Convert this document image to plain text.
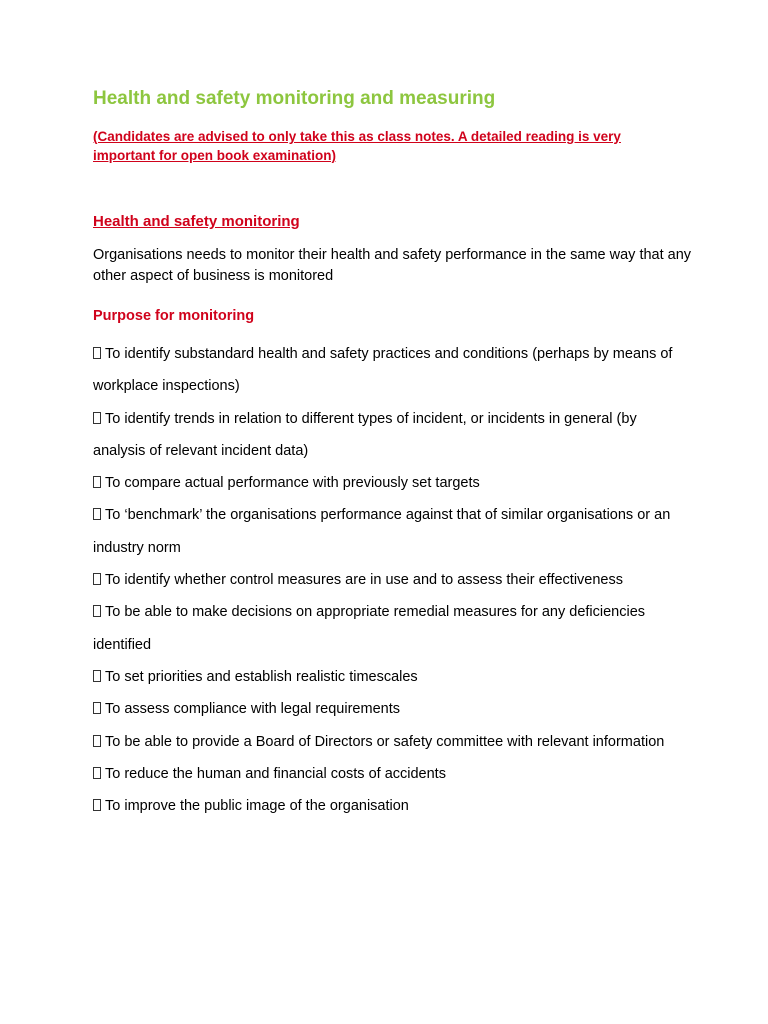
Health and safety monitoring and measuring

(Candidates are advised to only take this as class notes. A detailed reading is very important for open book examination)

Health and safety monitoring

Organisations needs to monitor their health and safety performance in the same way that any other aspect of business is monitored

Purpose for monitoring
To identify substandard health and safety practices and conditions (perhaps by means of workplace inspections)
To identify trends in relation to different types of incident, or incidents in general (by analysis of relevant incident data)
To compare actual performance with previously set targets
To ‘benchmark’ the organisations performance against that of similar organisations or an industry norm
To identify whether control measures are in use and to assess their effectiveness
To be able to make decisions on appropriate remedial measures for any deficiencies identified
To set priorities and establish realistic timescales
To assess compliance with legal requirements
To be able to provide a Board of Directors or safety committee with relevant information
To reduce the human and financial costs of accidents
To improve the public image of the organisation
